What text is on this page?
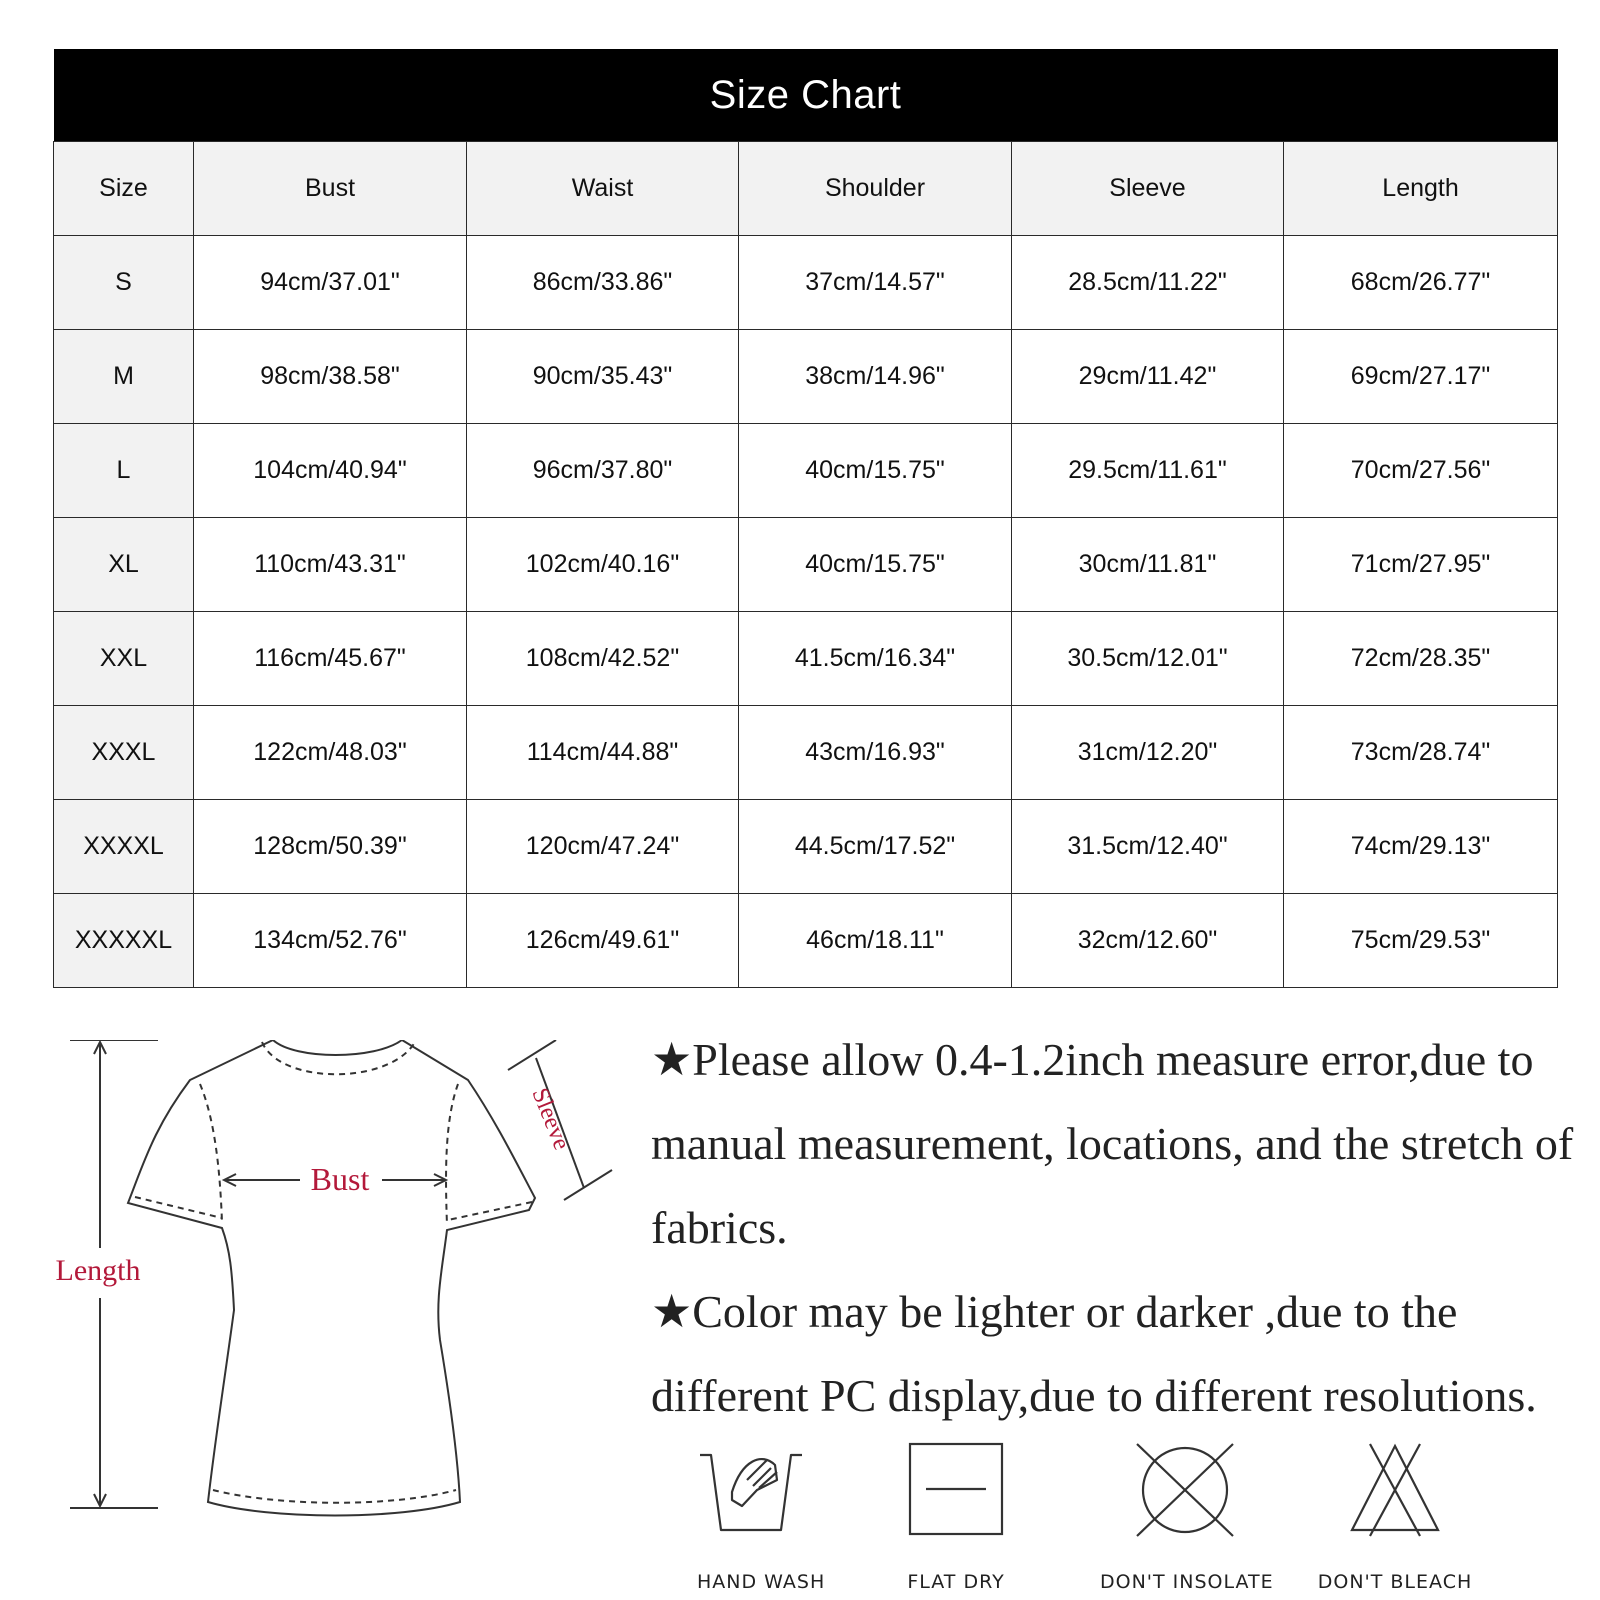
Size Chart					
Size	Bust	Waist	Shoulder	Sleeve	Length
S	94cm/37.01"	86cm/33.86"	37cm/14.57"	28.5cm/11.22"	68cm/26.77"
M	98cm/38.58"	90cm/35.43"	38cm/14.96"	29cm/11.42"	69cm/27.17"
L	104cm/40.94"	96cm/37.80"	40cm/15.75"	29.5cm/11.61"	70cm/27.56"
XL	110cm/43.31"	102cm/40.16"	40cm/15.75"	30cm/11.81"	71cm/27.95"
XXL	116cm/45.67"	108cm/42.52"	41.5cm/16.34"	30.5cm/12.01"	72cm/28.35"
XXXL	122cm/48.03"	114cm/44.88"	43cm/16.93"	31cm/12.20"	73cm/28.74"
XXXXL	128cm/50.39"	120cm/47.24"	44.5cm/17.52"	31.5cm/12.40"	74cm/29.13"
XXXXXL	134cm/52.76"	126cm/49.61"	46cm/18.11"	32cm/12.60"	75cm/29.53"
Bust
Length
Sleeve

★Please allow 0.4-1.2inch measure error,due to manual measurement, locations, and the stretch of fabrics.

★Color may be lighter or darker ,due to the different PC display,due to different resolutions.

HAND WASH	FLAT DRY	DON'T INSOLATE	DON'T BLEACH
